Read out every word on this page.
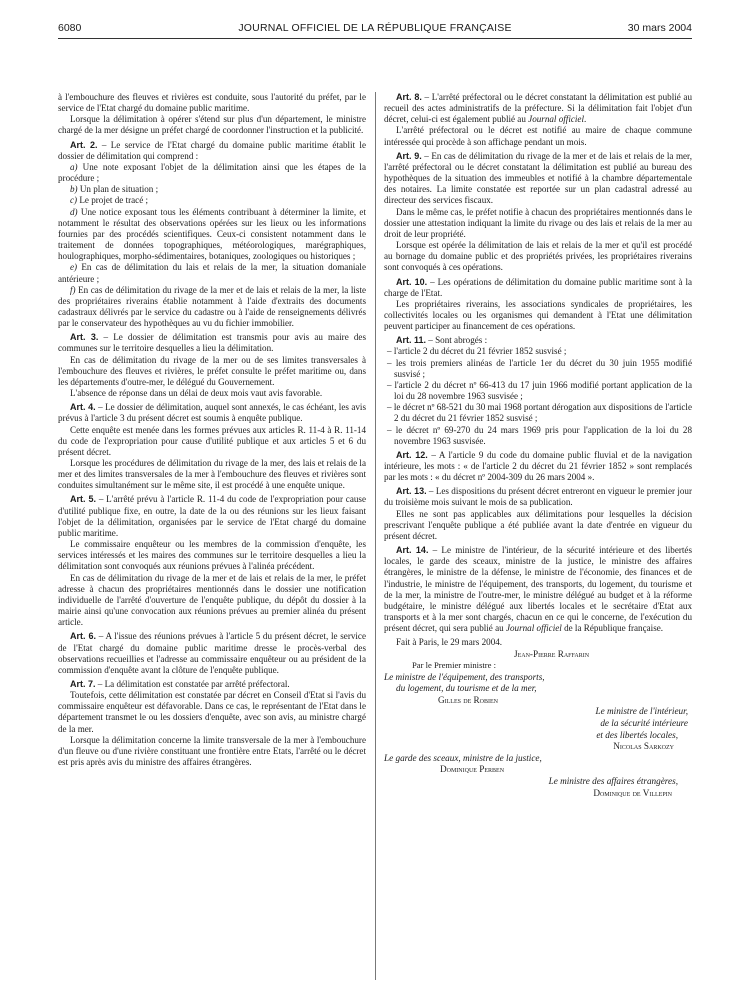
6080	JOURNAL OFFICIEL DE LA RÉPUBLIQUE FRANÇAISE	30 mars 2004

à l'embouchure des fleuves et rivières est conduite, sous l'autorité du préfet, par le service de l'Etat chargé du domaine public maritime.

Lorsque la délimitation à opérer s'étend sur plus d'un département, le ministre chargé de la mer désigne un préfet chargé de coordonner l'instruction et la publicité.

Art. 2. – Le service de l'Etat chargé du domaine public maritime établit le dossier de délimitation qui comprend :

a) Une note exposant l'objet de la délimitation ainsi que les étapes de la procédure ;

b) Un plan de situation ;

c) Le projet de tracé ;

d) Une notice exposant tous les éléments contribuant à déterminer la limite, et notamment le résultat des observations opérées sur les lieux ou les informations fournies par des procédés scientifiques. Ceux-ci consistent notamment dans le traitement de données topographiques, météorologiques, marégraphiques, houlographiques, morpho-sédimentaires, botaniques, zoologiques ou historiques ;

e) En cas de délimitation du lais et relais de la mer, la situation domaniale antérieure ;

f) En cas de délimitation du rivage de la mer et de lais et relais de la mer, la liste des propriétaires riverains établie notamment à l'aide d'extraits des documents cadastraux délivrés par le service du cadastre ou à l'aide de renseignements délivrés par le conservateur des hypothèques au vu du fichier immobilier.

Art. 3. – Le dossier de délimitation est transmis pour avis au maire des communes sur le territoire desquelles a lieu la délimitation.

En cas de délimitation du rivage de la mer ou de ses limites transversales à l'embouchure des fleuves et rivières, le préfet consulte le préfet maritime ou, dans les départements d'outre-mer, le délégué du Gouvernement.

L'absence de réponse dans un délai de deux mois vaut avis favorable.

Art. 4. – Le dossier de délimitation, auquel sont annexés, le cas échéant, les avis prévus à l'article 3 du présent décret est soumis à enquête publique.

Cette enquête est menée dans les formes prévues aux articles R. 11-4 à R. 11-14 du code de l'expropriation pour cause d'utilité publique et aux articles 5 et 6 du présent décret.

Lorsque les procédures de délimitation du rivage de la mer, des lais et relais de la mer et des limites transversales de la mer à l'embouchure des fleuves et rivières sont conduites simultanément sur le même site, il est procédé à une enquête unique.

Art. 5. – L'arrêté prévu à l'article R. 11-4 du code de l'expropriation pour cause d'utilité publique fixe, en outre, la date de la ou des réunions sur les lieux faisant l'objet de la délimitation, organisées par le service de l'Etat chargé du domaine public maritime.

Le commissaire enquêteur ou les membres de la commission d'enquête, les services intéressés et les maires des communes sur le territoire desquelles a lieu la délimitation sont convoqués aux réunions prévues à l'alinéa précédent.

En cas de délimitation du rivage de la mer et de lais et relais de la mer, le préfet adresse à chacun des propriétaires mentionnés dans le dossier une notification individuelle de l'arrêté d'ouverture de l'enquête publique, du dépôt du dossier à la mairie ainsi qu'une convocation aux réunions prévues au premier alinéa du présent article.

Art. 6. – A l'issue des réunions prévues à l'article 5 du présent décret, le service de l'Etat chargé du domaine public maritime dresse le procès-verbal des observations recueillies et l'adresse au commissaire enquêteur ou au président de la commission d'enquête avant la clôture de l'enquête publique.

Art. 7. – La délimitation est constatée par arrêté préfectoral.

Toutefois, cette délimitation est constatée par décret en Conseil d'Etat si l'avis du commissaire enquêteur est défavorable. Dans ce cas, le représentant de l'Etat dans le département transmet le ou les dossiers d'enquête, avec son avis, au ministre chargé de la mer.

Lorsque la délimitation concerne la limite transversale de la mer à l'embouchure d'un fleuve ou d'une rivière constituant une frontière entre Etats, l'arrêté ou le décret est pris après avis du ministre des affaires étrangères.

Art. 8. – L'arrêté préfectoral ou le décret constatant la délimitation est publié au recueil des actes administratifs de la préfecture. Si la délimitation fait l'objet d'un décret, celui-ci est également publié au Journal officiel.

L'arrêté préfectoral ou le décret est notifié au maire de chaque commune intéressée qui procède à son affichage pendant un mois.

Art. 9. – En cas de délimitation du rivage de la mer et de lais et relais de la mer, l'arrêté préfectoral ou le décret constatant la délimitation est publié au bureau des hypothèques de la situation des immeubles et notifié à la chambre départementale des notaires. La limite constatée est reportée sur un plan cadastral adressé au directeur des services fiscaux.

Dans le même cas, le préfet notifie à chacun des propriétaires mentionnés dans le dossier une attestation indiquant la limite du rivage ou des lais et relais de la mer au droit de leur propriété.

Lorsque est opérée la délimitation de lais et relais de la mer et qu'il est procédé au bornage du domaine public et des propriétés privées, les propriétaires riverains sont convoqués à ces opérations.

Art. 10. – Les opérations de délimitation du domaine public maritime sont à la charge de l'Etat.

Les propriétaires riverains, les associations syndicales de propriétaires, les collectivités locales ou les organismes qui demandent à l'Etat une délimitation peuvent participer au financement de ces opérations.

Art. 11. – Sont abrogés :

– l'article 2 du décret du 21 février 1852 susvisé ;
– les trois premiers alinéas de l'article 1er du décret du 30 juin 1955 modifié susvisé ;
– l'article 2 du décret nº 66-413 du 17 juin 1966 modifié portant application de la loi du 28 novembre 1963 susvisée ;
– le décret nº 68-521 du 30 mai 1968 portant dérogation aux dispositions de l'article 2 du décret du 21 février 1852 susvisé ;
– le décret nº 69-270 du 24 mars 1969 pris pour l'application de la loi du 28 novembre 1963 susvisée.

Art. 12. – A l'article 9 du code du domaine public fluvial et de la navigation intérieure, les mots : « de l'article 2 du décret du 21 février 1852 » sont remplacés par les mots : « du décret nº 2004-309 du 26 mars 2004 ».

Art. 13. – Les dispositions du présent décret entreront en vigueur le premier jour du troisième mois suivant le mois de sa publication.

Elles ne sont pas applicables aux délimitations pour lesquelles la décision prescrivant l'enquête publique a été publiée avant la date d'entrée en vigueur du présent décret.

Art. 14. – Le ministre de l'intérieur, de la sécurité intérieure et des libertés locales, le garde des sceaux, ministre de la justice, le ministre des affaires étrangères, le ministre de la défense, le ministre de l'économie, des finances et de l'industrie, le ministre de l'équipement, des transports, du logement, du tourisme et de la mer, la ministre de l'outre-mer, le ministre délégué au budget et à la réforme budgétaire, le ministre délégué aux libertés locales et le secrétaire d'Etat aux transports et à la mer sont chargés, chacun en ce qui le concerne, de l'exécution du présent décret, qui sera publié au Journal officiel de la République française.

Fait à Paris, le 29 mars 2004.

Jean-Pierre Raffarin
Par le Premier ministre :
Le ministre de l'équipement, des transports,
du logement, du tourisme et de la mer,
Gilles de Robien
Le ministre de l'intérieur,
de la sécurité intérieure
et des libertés locales,
Nicolas Sarkozy
Le garde des sceaux, ministre de la justice,
Dominique Perben
Le ministre des affaires étrangères,
Dominique de Villepin
